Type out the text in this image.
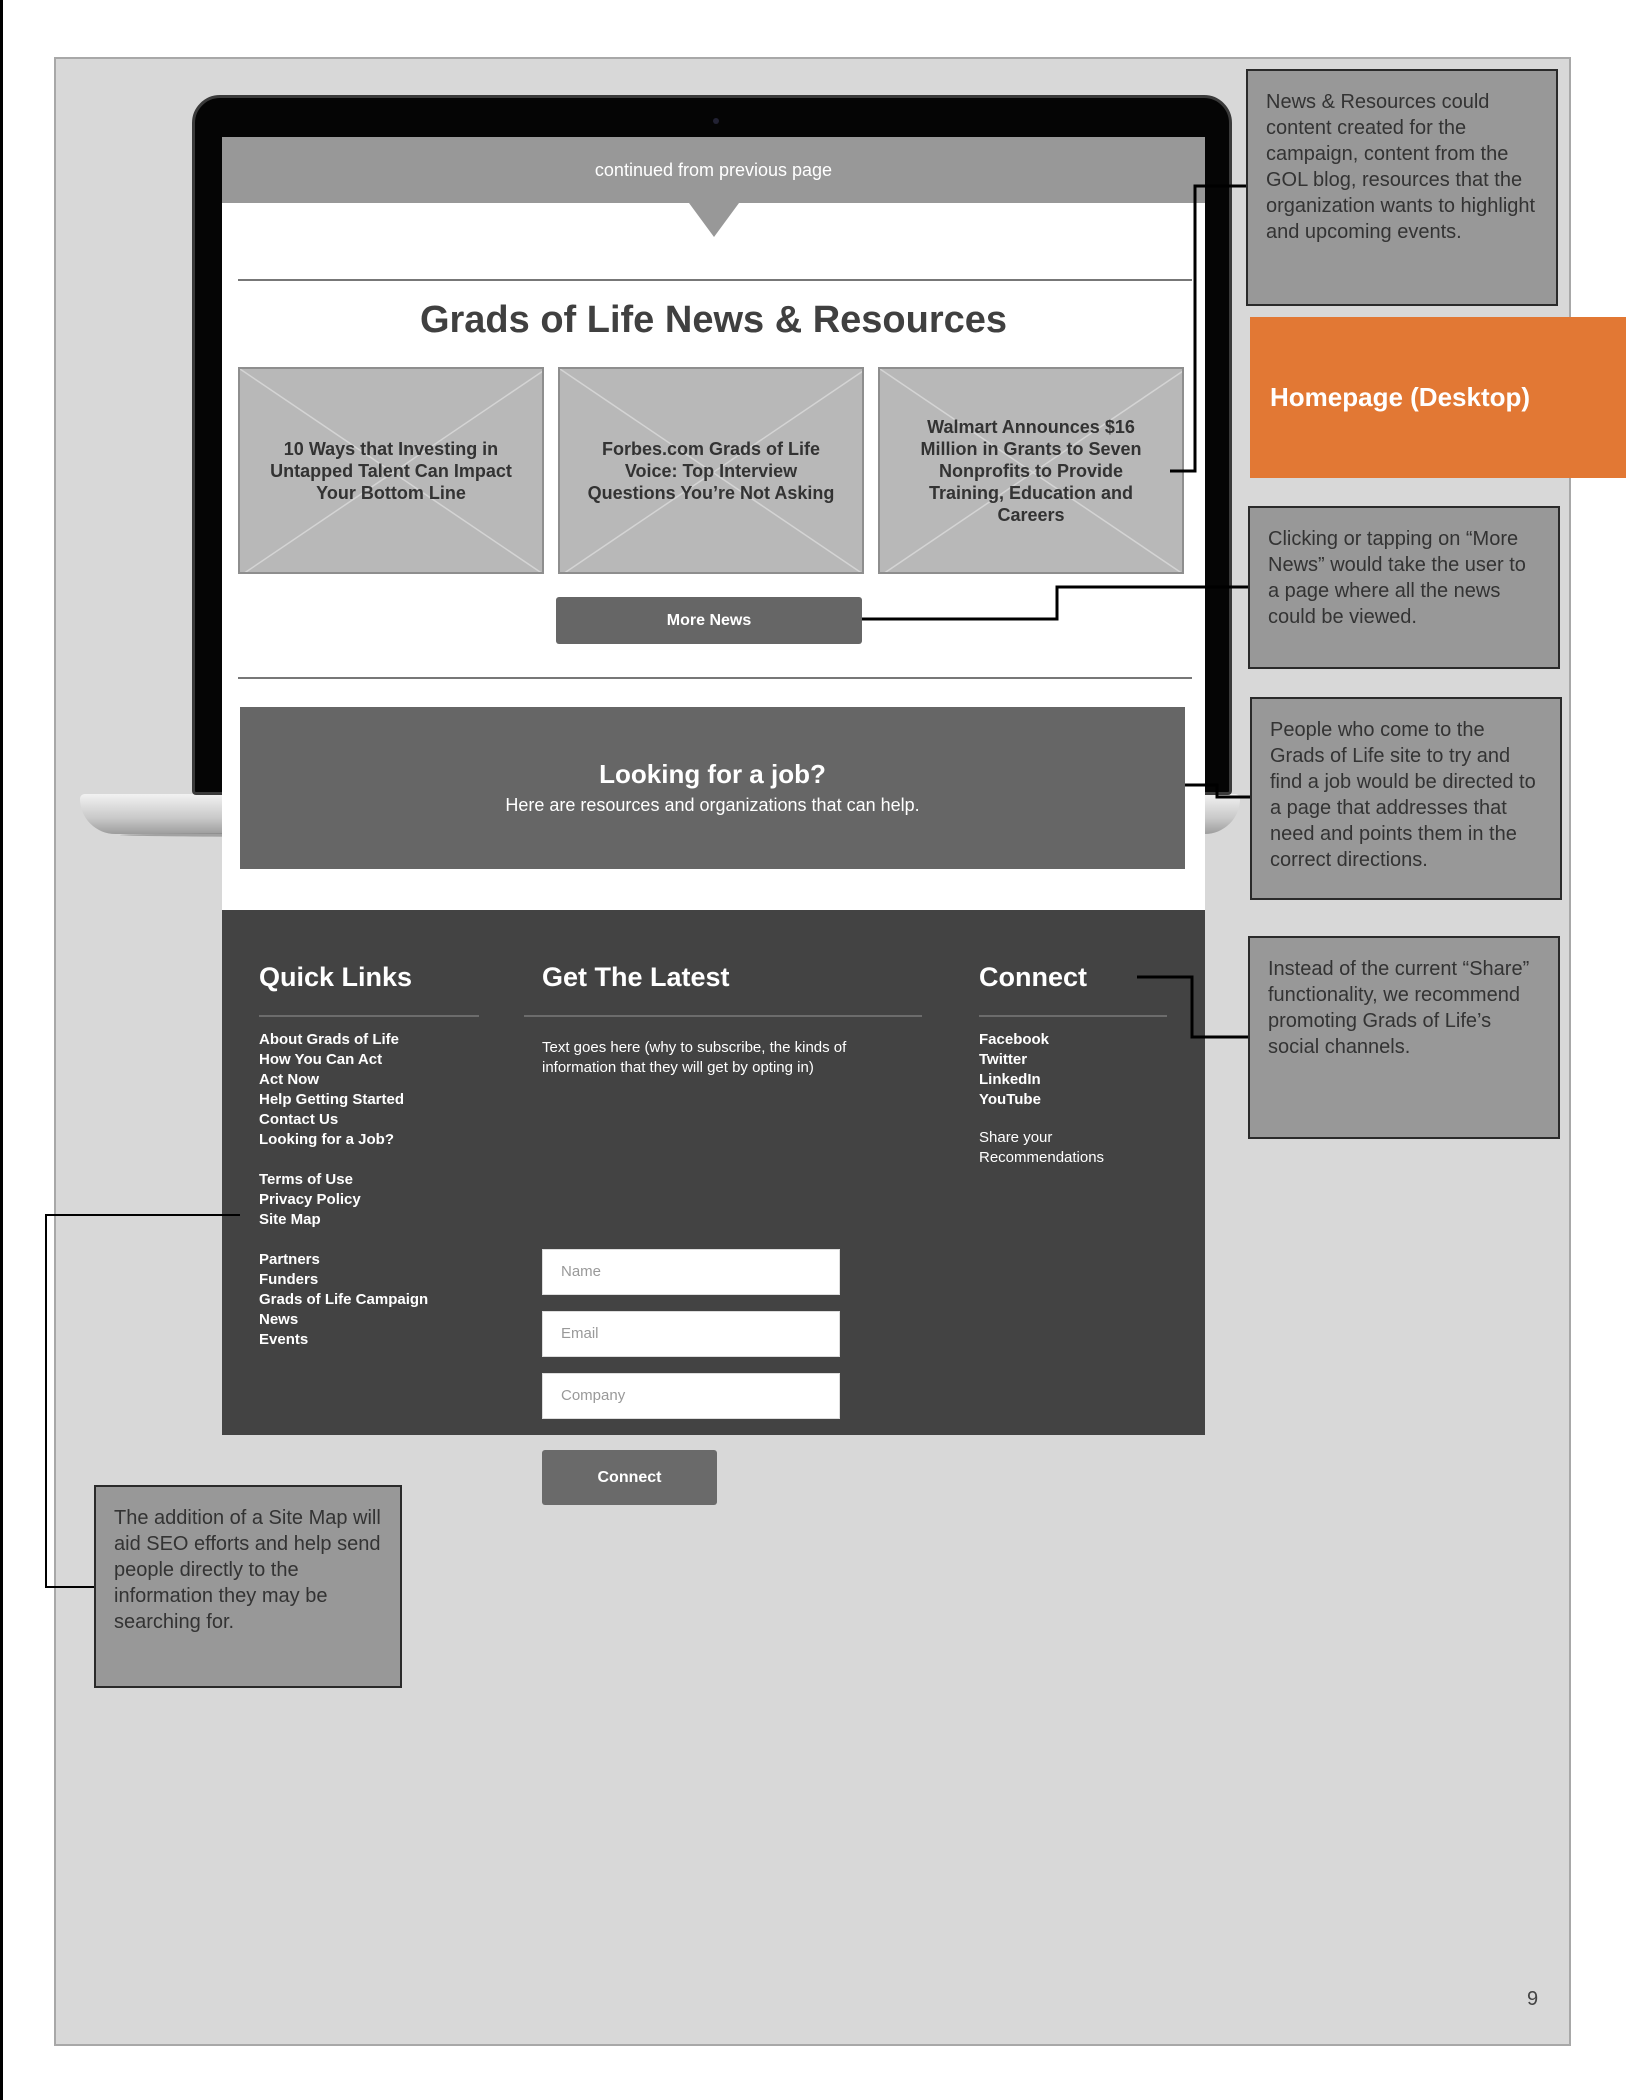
continued from previous page
Grads of Life News & Resources
10 Ways that Investing in Untapped Talent Can Impact Your Bottom Line
Forbes.com Grads of Life Voice: Top Interview Questions You’re Not Asking
Walmart Announces $16 Million in Grants to Seven Nonprofits to Provide Training, Education and Careers
More News
Looking for a job?
Here are resources and organizations that can help.
Quick Links
About Grads of Life
How You Can Act
Act Now
Help Getting Started
Contact Us
Looking for a Job?
Terms of Use
Privacy Policy
Site Map
Partners
Funders
Grads of Life Campaign
News
Events
Get The Latest
Text goes here (why to subscribe, the kinds of information that they will get by opting in)
Name
Email
Company
Connect
Connect
Facebook
Twitter
LinkedIn
YouTube
Share your Recommendations
News & Resources could content created for the campaign, content from the GOL blog, resources that the organization wants to highlight and upcoming events.
Homepage (Desktop)
Clicking or tapping on “More News” would take the user to a page where all the news could be viewed.
People who come to the Grads of Life site to try and find a job would be directed to a page that addresses that need and points them in the correct directions.
Instead of the current “Share” functionality, we recommend promoting Grads of Life’s social channels.
The addition of a Site Map will aid SEO efforts and help send people directly to the information they may be searching for.
9
